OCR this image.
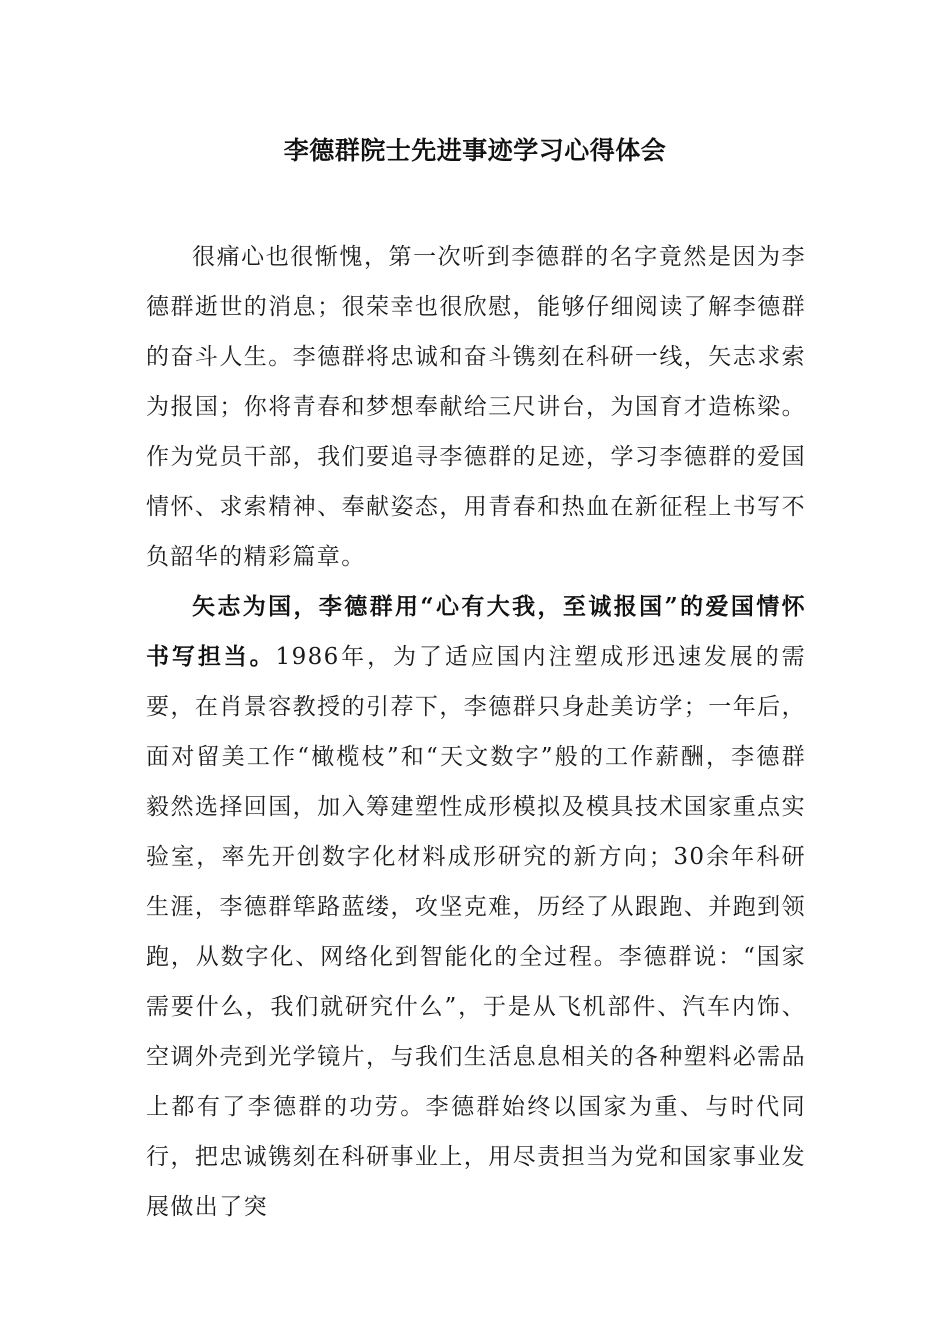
李德群院士先进事迹学习心得体会

很痛心也很惭愧，第一次听到李德群的名字竟然是因为李德群逝世的消息；很荣幸也很欣慰，能够仔细阅读了解李德群的奋斗人生。李德群将忠诚和奋斗镌刻在科研一线，矢志求索为报国；你将青春和梦想奉献给三尺讲台，为国育才造栋梁。作为党员干部，我们要追寻李德群的足迹，学习李德群的爱国情怀、求索精神、奉献姿态，用青春和热血在新征程上书写不负韶华的精彩篇章。

矢志为国，李德群用“心有大我，至诚报国”的爱国情怀书写担当。1986年，为了适应国内注塑成形迅速发展的需要，在肖景容教授的引荐下，李德群只身赴美访学；一年后，面对留美工作“橄榄枝”和“天文数字”般的工作薪酬，李德群毅然选择回国，加入筹建塑性成形模拟及模具技术国家重点实验室，率先开创数字化材料成形研究的新方向；30余年科研生涯，李德群筚路蓝缕，攻坚克难，历经了从跟跑、并跑到领跑，从数字化、网络化到智能化的全过程。李德群说：“国家需要什么，我们就研究什么”，于是从飞机部件、汽车内饰、空调外壳到光学镜片，与我们生活息息相关的各种塑料必需品上都有了李德群的功劳。李德群始终以国家为重、与时代同行，把忠诚镌刻在科研事业上，用尽责担当为党和国家事业发展做出了突
